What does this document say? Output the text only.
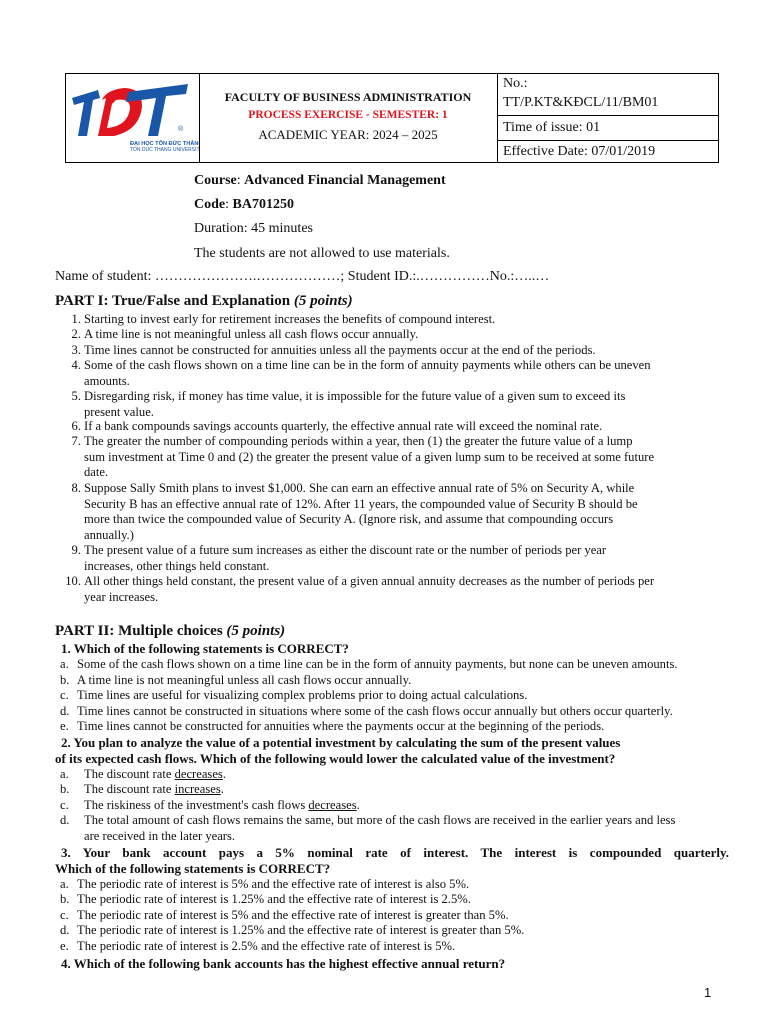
®
ĐẠI HỌC TÔN ĐỨC THẮNG
TON DUC THANG UNIVERSITY
FACULTY OF BUSINESS ADMINISTRATION
PROCESS EXERCISE - SEMESTER: 1
ACADEMIC YEAR: 2024 – 2025
No.:
TT/P.KT&KĐCL/11/BM01
Time of issue: 01
Effective Date: 07/01/2019
Course: Advanced Financial Management
Code: BA701250
Duration: 45 minutes
The students are not allowed to use materials.
Name of student: ………………….………………; Student ID.:.……………No.:…..…
PART I: True/False and Explanation (5 points)
1. Starting to invest early for retirement increases the benefits of compound interest.
2. A time line is not meaningful unless all cash flows occur annually.
3. Time lines cannot be constructed for annuities unless all the payments occur at the end of the periods.
4. Some of the cash flows shown on a time line can be in the form of annuity payments while others can be uneven
amounts.
5. Disregarding risk, if money has time value, it is impossible for the future value of a given sum to exceed its
present value.
6. If a bank compounds savings accounts quarterly, the effective annual rate will exceed the nominal rate.
7. The greater the number of compounding periods within a year, then (1) the greater the future value of a lump
sum investment at Time 0 and (2) the greater the present value of a given lump sum to be received at some future
date.
8. Suppose Sally Smith plans to invest $1,000. She can earn an effective annual rate of 5% on Security A, while
Security B has an effective annual rate of 12%. After 11 years, the compounded value of Security B should be
more than twice the compounded value of Security A. (Ignore risk, and assume that compounding occurs
annually.)
9. The present value of a future sum increases as either the discount rate or the number of periods per year
increases, other things held constant.
10. All other things held constant, the present value of a given annual annuity decreases as the number of periods per
year increases.
PART II: Multiple choices (5 points)
1. Which of the following statements is CORRECT?
a. Some of the cash flows shown on a time line can be in the form of annuity payments, but none can be uneven amounts.
b. A time line is not meaningful unless all cash flows occur annually.
c. Time lines are useful for visualizing complex problems prior to doing actual calculations.
d. Time lines cannot be constructed in situations where some of the cash flows occur annually but others occur quarterly.
e. Time lines cannot be constructed for annuities where the payments occur at the beginning of the periods.
2. You plan to analyze the value of a potential investment by calculating the sum of the present values
of its expected cash flows. Which of the following would lower the calculated value of the investment?
a. The discount rate decreases.
b. The discount rate increases.
c. The riskiness of the investment's cash flows decreases.
d. The total amount of cash flows remains the same, but more of the cash flows are received in the earlier years and less
are received in the later years.
3. Your bank account pays a 5% nominal rate of interest. The interest is compounded quarterly.
Which of the following statements is CORRECT?
a. The periodic rate of interest is 5% and the effective rate of interest is also 5%.
b. The periodic rate of interest is 1.25% and the effective rate of interest is 2.5%.
c. The periodic rate of interest is 5% and the effective rate of interest is greater than 5%.
d. The periodic rate of interest is 1.25% and the effective rate of interest is greater than 5%.
e. The periodic rate of interest is 2.5% and the effective rate of interest is 5%.
4. Which of the following bank accounts has the highest effective annual return?
1
